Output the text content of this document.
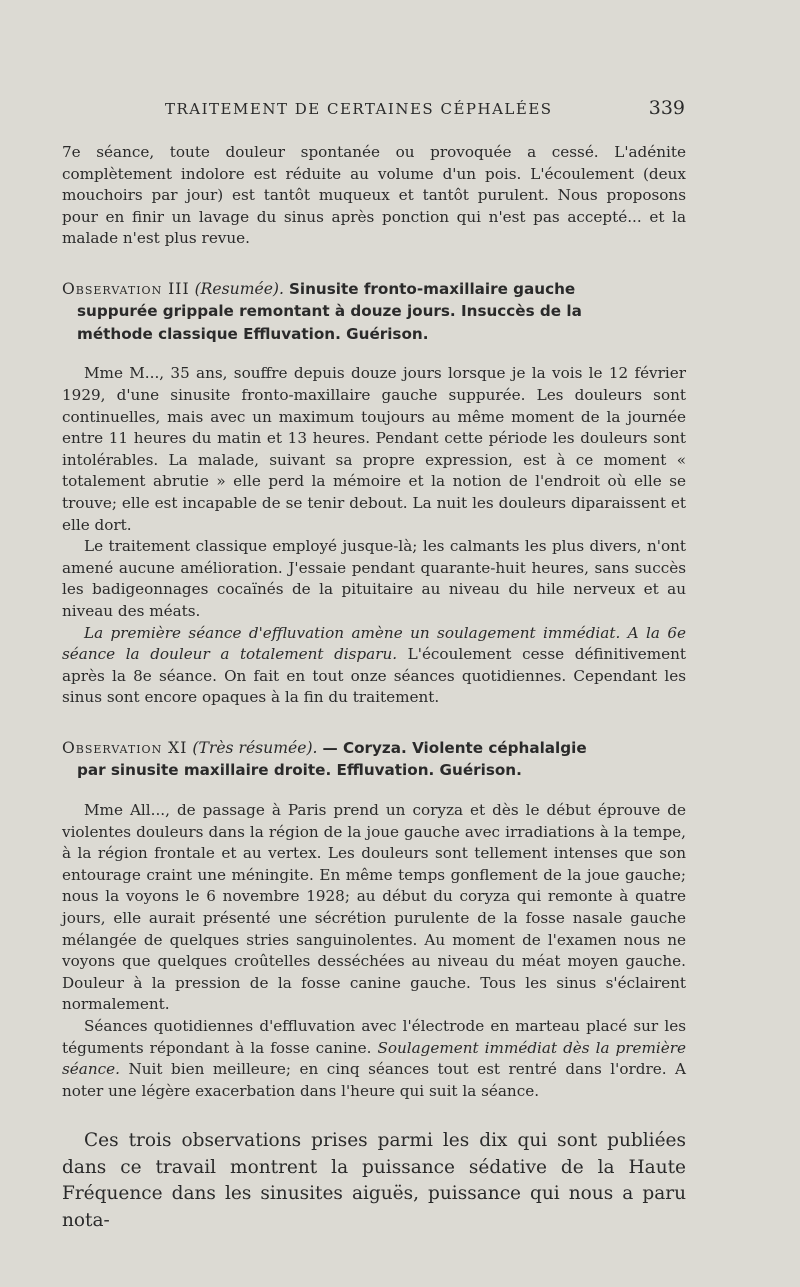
TRAITEMENT DE CERTAINES CÉPHALÉES	339

7e séance, toute douleur spontanée ou provoquée a cessé. L'adénite complètement indolore est réduite au volume d'un pois. L'écoulement (deux mouchoirs par jour) est tantôt muqueux et tantôt purulent. Nous proposons pour en finir un lavage du sinus après ponction qui n'est pas accepté... et la malade n'est plus revue.

Observation III (Resumée). Sinusite fronto-maxillaire gauche
suppurée grippale remontant à douze jours. Insuccès de la
méthode classique Effluvation. Guérison.

Mme M..., 35 ans, souffre depuis douze jours lorsque je la vois le 12 février 1929, d'une sinusite fronto-maxillaire gauche suppurée. Les douleurs sont continuelles, mais avec un maximum toujours au même moment de la journée entre 11 heures du matin et 13 heures. Pendant cette période les douleurs sont intolérables. La malade, suivant sa propre expression, est à ce moment « totalement abrutie » elle perd la mémoire et la notion de l'endroit où elle se trouve; elle est incapable de se tenir debout. La nuit les douleurs diparaissent et elle dort.

Le traitement classique employé jusque-là; les calmants les plus divers, n'ont amené aucune amélioration. J'essaie pendant quarante-huit heures, sans succès les badigeonnages cocaïnés de la pituitaire au niveau du hile nerveux et au niveau des méats.

La première séance d'effluvation amène un soulagement immédiat. A la 6e séance la douleur a totalement disparu. L'écoulement cesse définitivement après la 8e séance. On fait en tout onze séances quotidiennes. Cependant les sinus sont encore opaques à la fin du traitement.

Observation XI (Très résumée). — Coryza. Violente céphalalgie
par sinusite maxillaire droite. Effluvation. Guérison.

Mme All..., de passage à Paris prend un coryza et dès le début éprouve de violentes douleurs dans la région de la joue gauche avec irradiations à la tempe, à la région frontale et au vertex. Les douleurs sont tellement intenses que son entourage craint une méningite. En même temps gonflement de la joue gauche; nous la voyons le 6 novembre 1928; au début du coryza qui remonte à quatre jours, elle aurait présenté une sécrétion purulente de la fosse nasale gauche mélangée de quelques stries sanguinolentes. Au moment de l'examen nous ne voyons que quelques croûtelles desséchées au niveau du méat moyen gauche. Douleur à la pression de la fosse canine gauche. Tous les sinus s'éclairent normalement.

Séances quotidiennes d'effluvation avec l'électrode en marteau placé sur les téguments répondant à la fosse canine. Soulagement immédiat dès la première séance. Nuit bien meilleure; en cinq séances tout est rentré dans l'ordre. A noter une légère exacerbation dans l'heure qui suit la séance.

Ces trois observations prises parmi les dix qui sont publiées dans ce travail montrent la puissance sédative de la Haute Fréquence dans les sinusites aiguës, puissance qui nous a paru nota-
